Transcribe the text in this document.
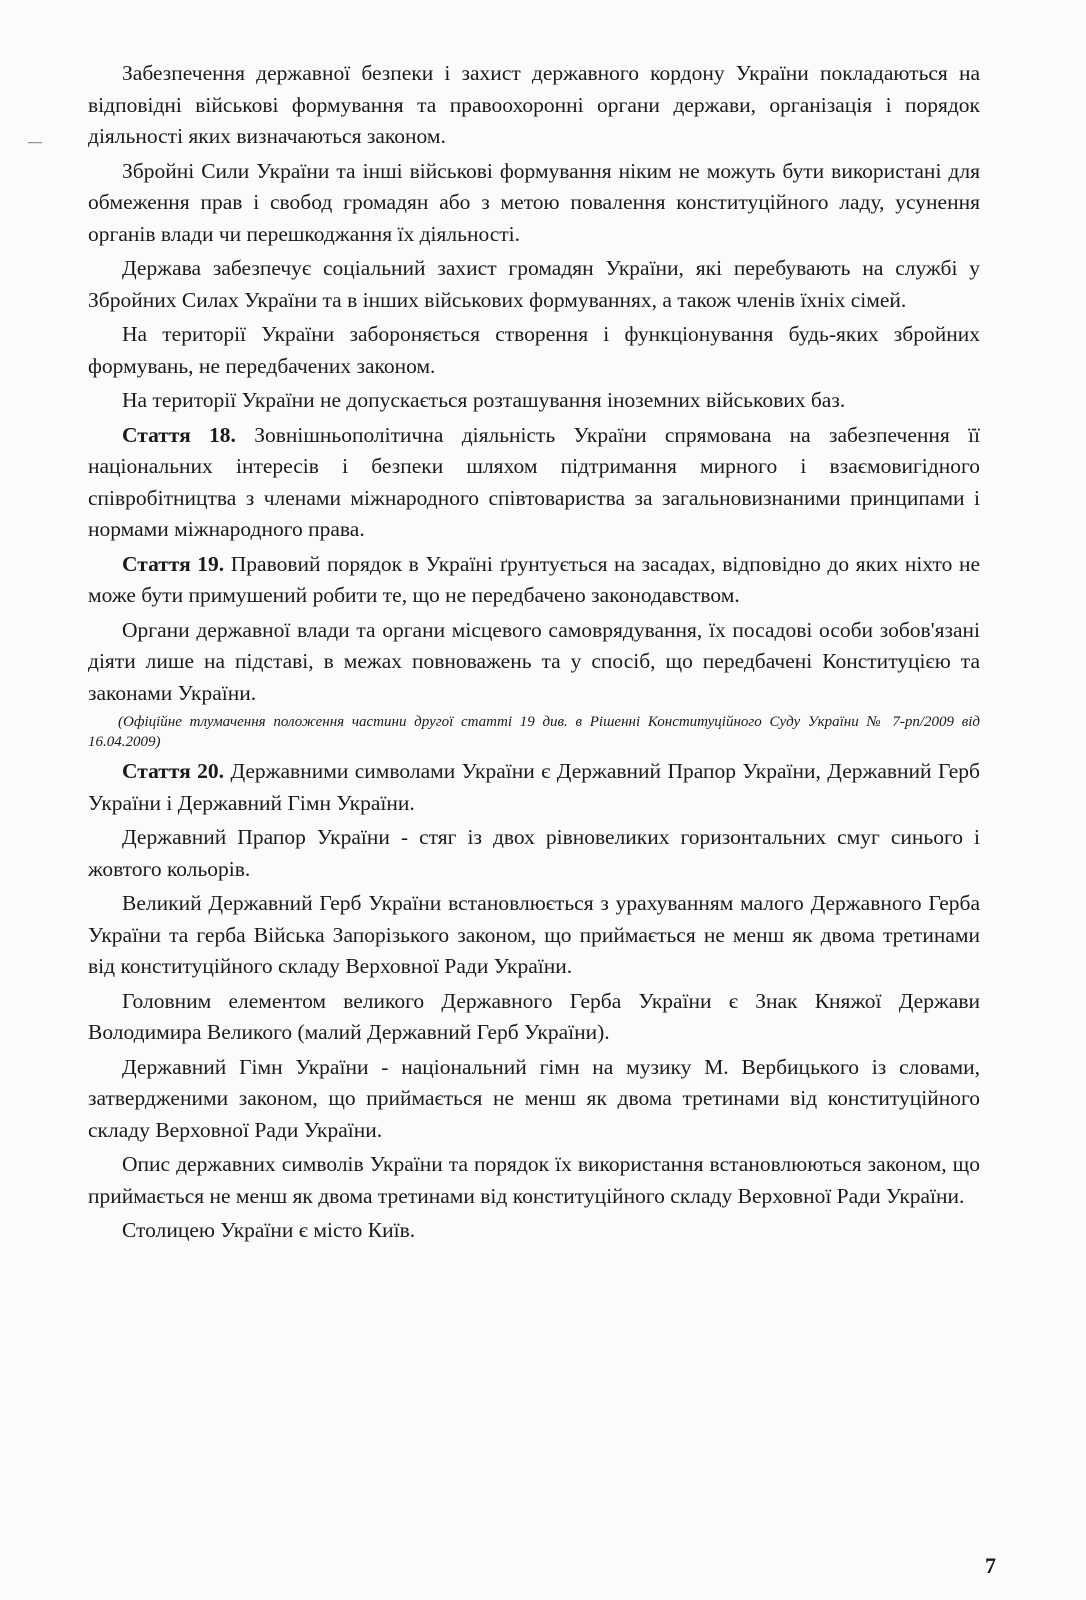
Забезпечення державної безпеки і захист державного кордону України покладаються на відповідні військові формування та правоохоронні органи держави, організація і порядок діяльності яких визначаються законом.

Збройні Сили України та інші військові формування ніким не можуть бути використані для обмеження прав і свобод громадян або з метою повалення конституційного ладу, усунення органів влади чи перешкоджання їх діяльності.

Держава забезпечує соціальний захист громадян України, які перебувають на службі у Збройних Силах України та в інших військових формуваннях, а також членів їхніх сімей.

На території України забороняється створення і функціонування будь-яких збройних формувань, не передбачених законом.

На території України не допускається розташування іноземних військових баз.

Стаття 18. Зовнішньополітична діяльність України спрямована на забезпечення її національних інтересів і безпеки шляхом підтримання мирного і взаємовигідного співробітництва з членами міжнародного співтовариства за загальновизнаними принципами і нормами міжнародного права.

Стаття 19. Правовий порядок в Україні ґрунтується на засадах, відповідно до яких ніхто не може бути примушений робити те, що не передбачено законодавством.

Органи державної влади та органи місцевого самоврядування, їх посадові особи зобов'язані діяти лише на підставі, в межах повноважень та у спосіб, що передбачені Конституцією та законами України.

(Офіційне тлумачення положення частини другої статті 19 див. в Рішенні Конституційного Суду України № 7-рп/2009 від 16.04.2009)

Стаття 20. Державними символами України є Державний Прапор України, Державний Герб України і Державний Гімн України.

Державний Прапор України - стяг із двох рівновеликих горизонтальних смуг синього і жовтого кольорів.

Великий Державний Герб України встановлюється з урахуванням малого Державного Герба України та герба Війська Запорізького законом, що приймається не менш як двома третинами від конституційного складу Верховної Ради України.

Головним елементом великого Державного Герба України є Знак Княжої Держави Володимира Великого (малий Державний Герб України).

Державний Гімн України - національний гімн на музику М. Вербицького із словами, затвердженими законом, що приймається не менш як двома третинами від конституційного складу Верховної Ради України.

Опис державних символів України та порядок їх використання встановлюються законом, що приймається не менш як двома третинами від конституційного складу Верховної Ради України.

Столицею України є місто Київ.

—
7
